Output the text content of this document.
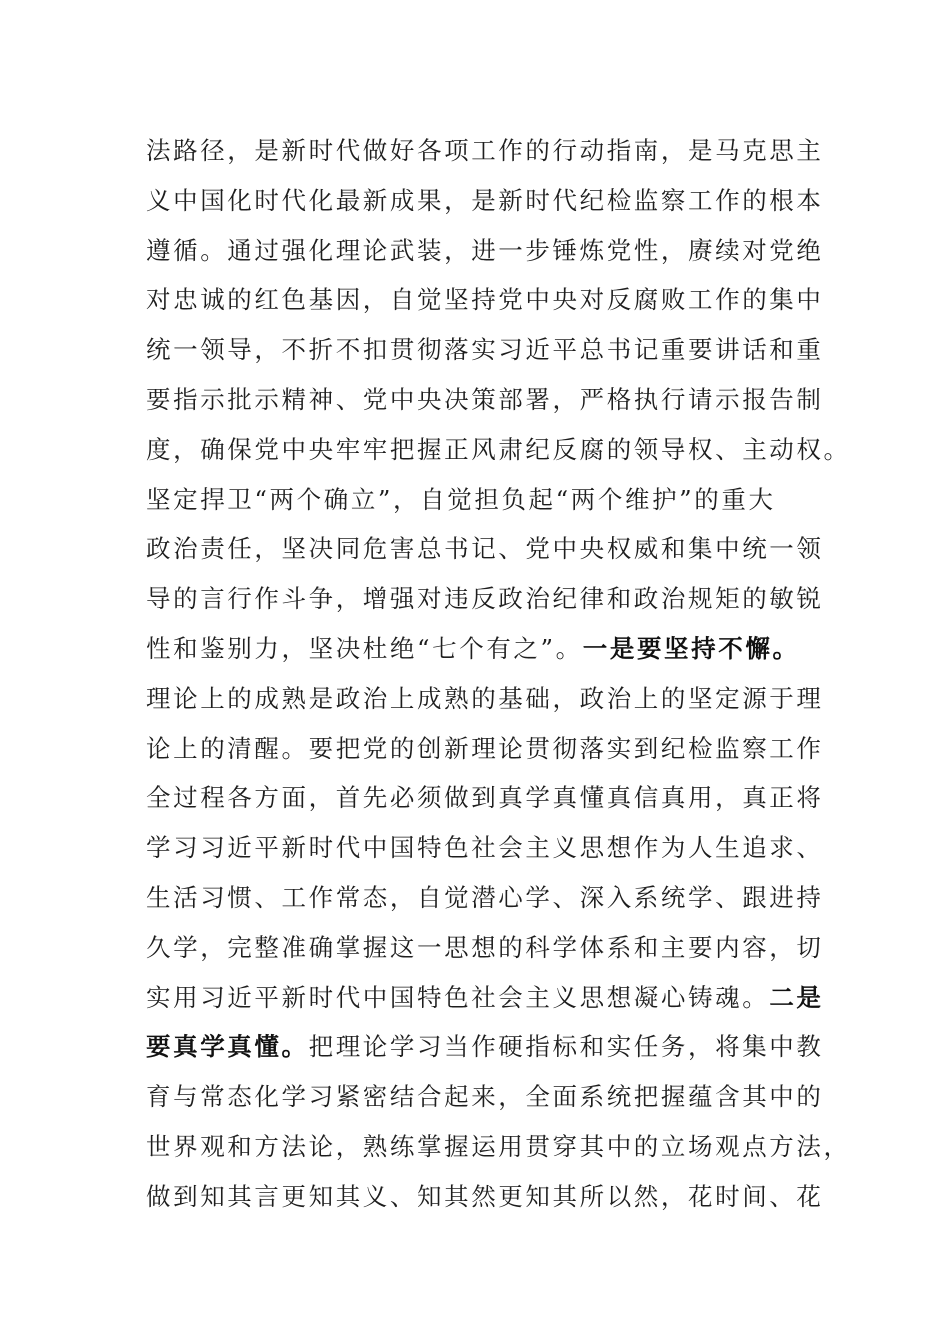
法路径，是新时代做好各项工作的行动指南，是马克思主
义中国化时代化最新成果，是新时代纪检监察工作的根本
遵循。通过强化理论武装，进一步锤炼党性，赓续对党绝
对忠诚的红色基因，自觉坚持党中央对反腐败工作的集中
统一领导，不折不扣贯彻落实习近平总书记重要讲话和重
要指示批示精神、党中央决策部署，严格执行请示报告制
度，确保党中央牢牢把握正风肃纪反腐的领导权、主动权。
坚定捍卫“两个确立”，自觉担负起“两个维护”的重大
政治责任，坚决同危害总书记、党中央权威和集中统一领
导的言行作斗争，增强对违反政治纪律和政治规矩的敏锐
性和鉴别力，坚决杜绝“七个有之”。一是要坚持不懈。
理论上的成熟是政治上成熟的基础，政治上的坚定源于理
论上的清醒。要把党的创新理论贯彻落实到纪检监察工作
全过程各方面，首先必须做到真学真懂真信真用，真正将
学习习近平新时代中国特色社会主义思想作为人生追求、
生活习惯、工作常态，自觉潜心学、深入系统学、跟进持
久学，完整准确掌握这一思想的科学体系和主要内容，切
实用习近平新时代中国特色社会主义思想凝心铸魂。二是
要真学真懂。把理论学习当作硬指标和实任务，将集中教
育与常态化学习紧密结合起来，全面系统把握蕴含其中的
世界观和方法论，熟练掌握运用贯穿其中的立场观点方法，
做到知其言更知其义、知其然更知其所以然，花时间、花
